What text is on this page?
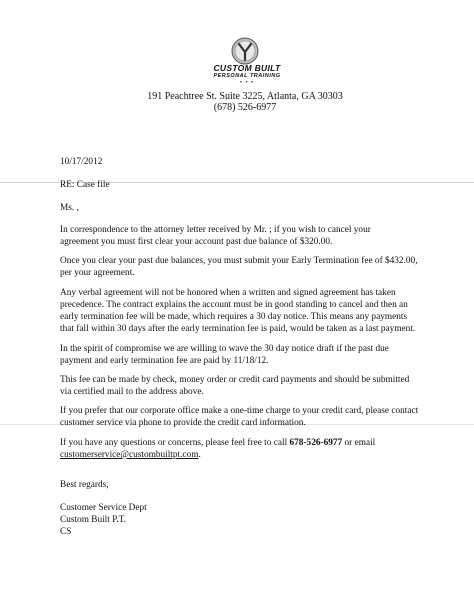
CUSTOM BUILT
PERSONAL TRAINING
• • •
191 Peachtree St. Suite 3225, Atlanta, GA 30303
(678) 526-6977
10/17/2012
RE: Case file
Ms. ,
In correspondence to the attorney letter received by Mr. ; if you wish to cancel your
agreement you must first clear your account past due balance of $320.00.
Once you clear your past due balances, you must submit your Early Termination fee of $432.00,
per your agreement.
Any verbal agreement will not be honored when a written and signed agreement has taken
precedence. The contract explains the account must be in good standing to cancel and then an
early termination fee will be made, which requires a 30 day notice. This means any payments
that fall within 30 days after the early termination fee is paid, would be taken as a last payment.
In the spirit of compromise we are willing to wave the 30 day notice draft if the past due
payment and early termination fee are paid by 11/18/12.
This fee can be made by check, money order or credit card payments and should be submitted
via certified mail to the address above.
If you prefer that our corporate office make a one-time charge to your credit card, please contact
customer service via phone to provide the credit card information.
If you have any questions or concerns, please feel free to call 678-526-6977 or email
customerservice@custombuiltpt.com.
Best regards,
Customer Service Dept
Custom Built P.T.
CS
